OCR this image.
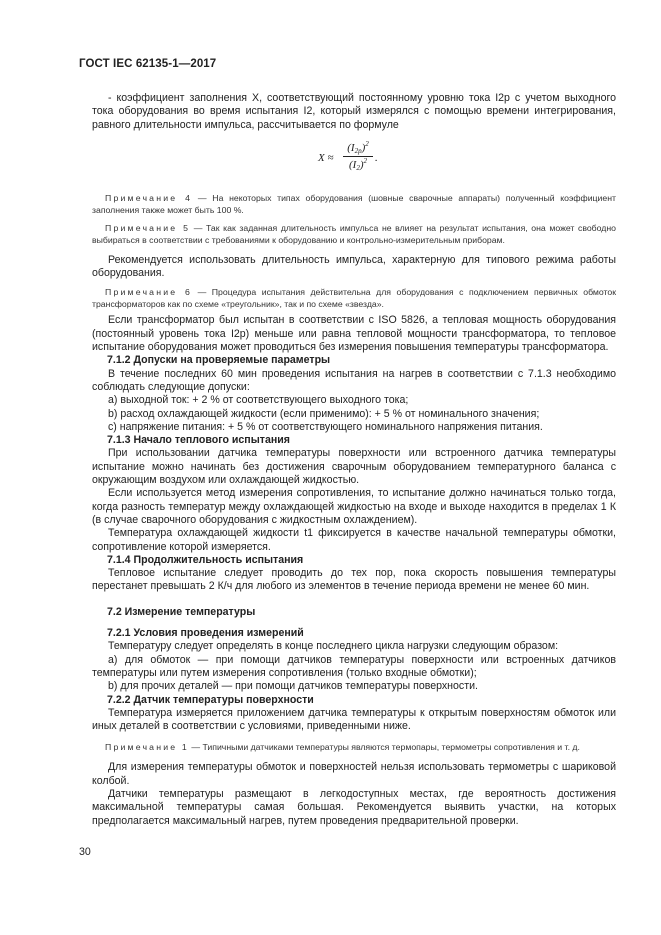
ГОСТ IEC 62135-1—2017

- коэффициент заполнения X, соответствующий постоянному уровню тока I2p с учетом выходного тока оборудования во время испытания I2, который измерялся с помощью времени интегрирования, равного длительности импульса, рассчитывается по формуле

$X \approx \frac{(I_{2p})^2}{(I_2)^2}$ .

Примечание 4 — На некоторых типах оборудования (шовные сварочные аппараты) полученный коэффициент заполнения также может быть 100 %.

Примечание 5 — Так как заданная длительность импульса не влияет на результат испытания, она может свободно выбираться в соответствии с требованиями к оборудованию и контрольно-измерительным приборам.

Рекомендуется использовать длительность импульса, характерную для типового режима работы оборудования.

Примечание 6 — Процедура испытания действительна для оборудования с подключением первичных обмоток трансформаторов как по схеме «треугольник», так и по схеме «звезда».

Если трансформатор был испытан в соответствии с ISO 5826, а тепловая мощность оборудования (постоянный уровень тока I2p) меньше или равна тепловой мощности трансформатора, то тепловое испытание оборудования может проводиться без измерения повышения температуры трансформатора.

7.1.2 Допуски на проверяемые параметры

В течение последних 60 мин проведения испытания на нагрев в соответствии с 7.1.3 необходимо соблюдать следующие допуски:

а) выходной ток: + 2 % от соответствующего выходного тока;

b) расход охлаждающей жидкости (если применимо): + 5 % от номинального значения;

c) напряжение питания: + 5 % от соответствующего номинального напряжения питания.

7.1.3 Начало теплового испытания

При использовании датчика температуры поверхности или встроенного датчика температуры испытание можно начинать без достижения сварочным оборудованием температурного баланса с окружающим воздухом или охлаждающей жидкостью.

Если используется метод измерения сопротивления, то испытание должно начинаться только тогда, когда разность температур между охлаждающей жидкостью на входе и выходе находится в пределах 1 К (в случае сварочного оборудования с жидкостным охлаждением).

Температура охлаждающей жидкости t1 фиксируется в качестве начальной температуры обмотки, сопротивление которой измеряется.

7.1.4 Продолжительность испытания

Тепловое испытание следует проводить до тех пор, пока скорость повышения температуры перестанет превышать 2 К/ч для любого из элементов в течение периода времени не менее 60 мин.

7.2 Измерение температуры
7.2.1 Условия проведения измерений

Температуру следует определять в конце последнего цикла нагрузки следующим образом:

а) для обмоток — при помощи датчиков температуры поверхности или встроенных датчиков температуры или путем измерения сопротивления (только входные обмотки);

b) для прочих деталей — при помощи датчиков температуры поверхности.

7.2.2 Датчик температуры поверхности

Температура измеряется приложением датчика температуры к открытым поверхностям обмоток или иных деталей в соответствии с условиями, приведенными ниже.

Примечание 1 — Типичными датчиками температуры являются термопары, термометры сопротивления и т. д.

Для измерения температуры обмоток и поверхностей нельзя использовать термометры с шариковой колбой.

Датчики температуры размещают в легкодоступных местах, где вероятность достижения максимальной температуры самая большая. Рекомендуется выявить участки, на которых предполагается максимальный нагрев, путем проведения предварительной проверки.

30
